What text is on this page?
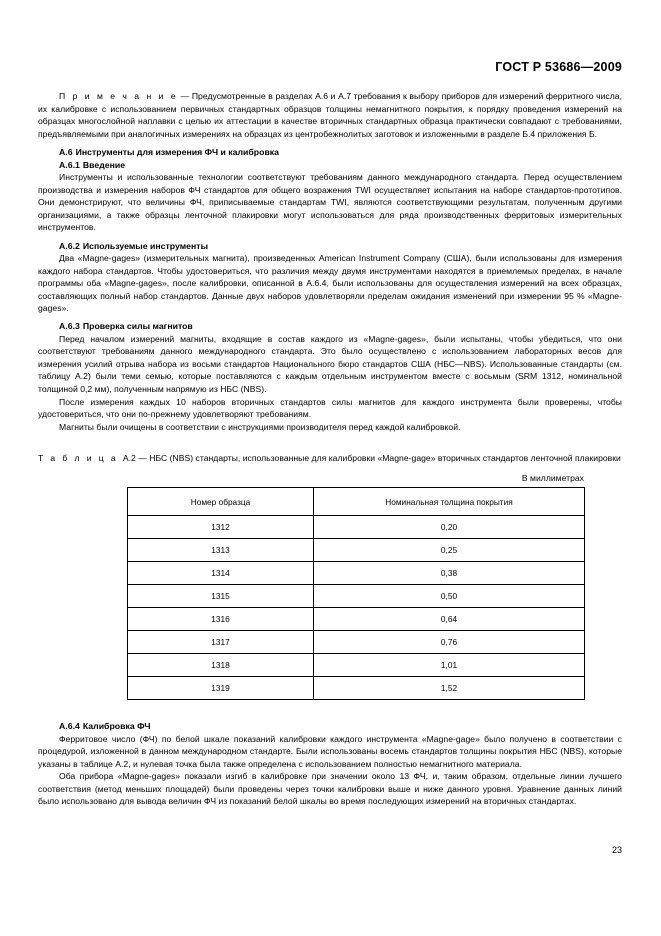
ГОСТ Р 53686—2009

П р и м е ч а н и е — Предусмотренные в разделах А.6 и А.7 требования к выбору приборов для измерений ферритного числа, их калибровке с использованием первичных стандартных образцов толщины немагнитного покрытия, к порядку проведения измерений на образцах многослойной наплавки с целью их аттестации в качестве вторичных стандартных образца практически совпадают с требованиями, предъявляемыми при аналогичных измерениях на образцах из центробежнолитых заготовок и изложенными в разделе Б.4 приложения Б.

А.6 Инструменты для измерения ФЧ и калибровка
А.6.1 Введение

Инструменты и использованные технологии соответствуют требованиям данного международного стандарта. Перед осуществлением производства и измерения наборов ФЧ стандартов для общего возражения TWI осуществляет испытания на наборе стандартов-прототипов. Они демонстрируют, что величины ФЧ, приписываемые стандартам TWI, являются соответствующими результатам, полученным другими организациями, а также образцы ленточной плакировки могут использоваться для ряда производственных ферритовых измерительных инструментов.

А.6.2 Используемые инструменты

Два «Magne-gages» (измерительных магнита), произведенных American Instrument Company (США), были использованы для измерения каждого набора стандартов. Чтобы удостовериться, что различия между двумя инструментами находятся в приемлемых пределах, в начале программы оба «Magne-gages», после калибровки, описанной в А.6.4, были использованы для осуществления измерений на всех образцах, составляющих полный набор стандартов. Данные двух наборов удовлетворяли пределам ожидания изменений при измерении 95 % «Magne-gages».

А.6.3 Проверка силы магнитов

Перед началом измерений магниты, входящие в состав каждого из «Magne-gages», были испытаны, чтобы убедиться, что они соответствуют требованиям данного международного стандарта. Это было осуществлено с использованием лабораторных весов для измерения усилий отрыва набора из восьми стандартов Национального бюро стандартов США (НБС—NBS). Использованные стандарты (см. таблицу А.2) были теми семью, которые поставляются с каждым отдельным инструментом вместе с восьмым (SRM 1312, номинальной толщиной 0,2 мм), полученным напрямую из НБС (NBS).

После измерения каждых 10 наборов вторичных стандартов силы магнитов для каждого инструмента были проверены, чтобы удостовериться, что они по-прежнему удовлетворяют требованиям.

Магниты были очищены в соответствии с инструкциями производителя перед каждой калибровкой.

Т а б л и ц а А.2 — НБС (NBS) стандарты, использованные для калибровки «Magne-gage» вторичных стандартов ленточной плакировки

В миллиметрах

Номер образца	Номинальная толщина покрытия
1312	0,20
1313	0,25
1314	0,38
1315	0,50
1316	0,64
1317	0,76
1318	1,01
1319	1,52
А.6.4 Калибровка ФЧ

Ферритовое число (ФЧ) по белой шкале показаний калибровки каждого инструмента «Magne-gage» было получено в соответствии с процедурой, изложенной в данном международном стандарте. Были использованы восемь стандартов толщины покрытия НБС (NBS), которые указаны в таблице А.2, и нулевая точка была также определена с использованием полностью немагнитного материала.

Оба прибора «Magne-gages» показали изгиб в калибровке при значении около 13 ФЧ, и, таким образом, отдельные линии лучшего соответствия (метод меньших площадей) были проведены через точки калибровки выше и ниже данного уровня. Уравнение данных линий было использовано для вывода величин ФЧ из показаний белой шкалы во время последующих измерений на вторичных стандартах.

23
